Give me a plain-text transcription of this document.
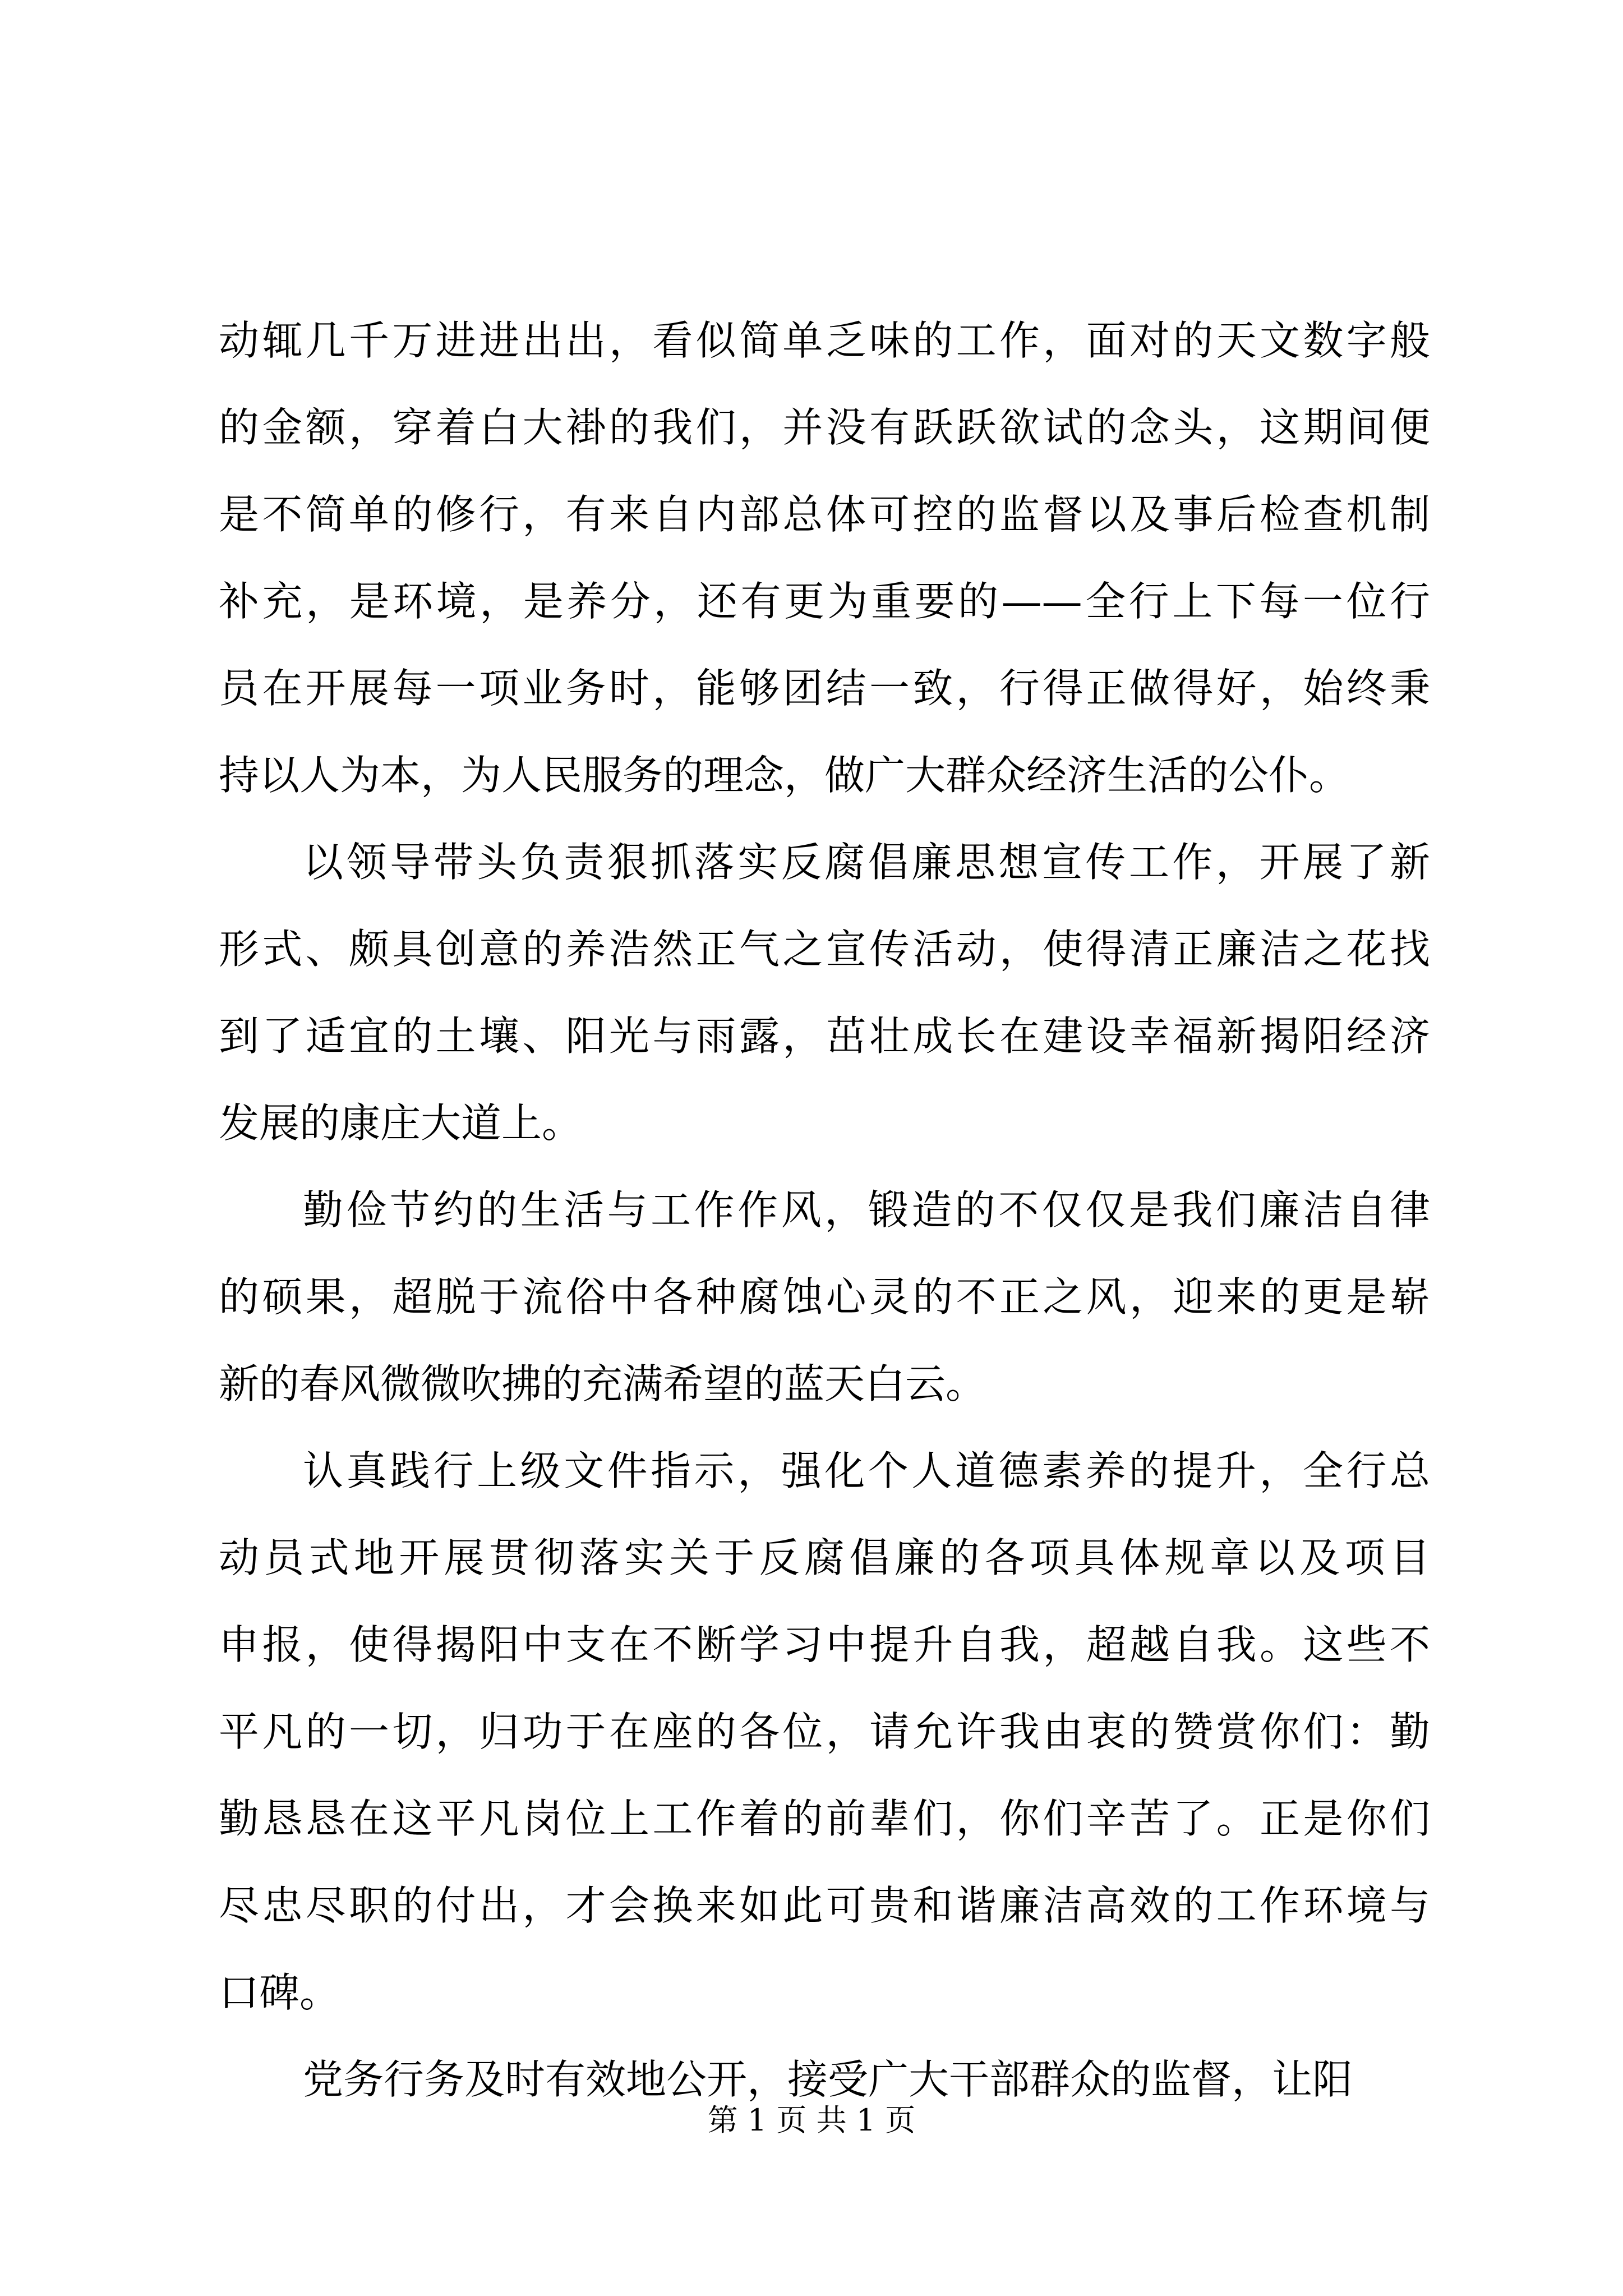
动辄几千万进进出出，看似简单乏味的工作，面对的天文数字般
的金额，穿着白大褂的我们，并没有跃跃欲试的念头，这期间便
是不简单的修行，有来自内部总体可控的监督以及事后检查机制
补充，是环境，是养分，还有更为重要的——全行上下每一位行
员在开展每一项业务时，能够团结一致，行得正做得好，始终秉
持以人为本，为人民服务的理念，做广大群众经济生活的公仆。
以领导带头负责狠抓落实反腐倡廉思想宣传工作，开展了新
形式、颇具创意的养浩然正气之宣传活动，使得清正廉洁之花找
到了适宜的土壤、阳光与雨露，茁壮成长在建设幸福新揭阳经济
发展的康庄大道上。
勤俭节约的生活与工作作风，锻造的不仅仅是我们廉洁自律
的硕果，超脱于流俗中各种腐蚀心灵的不正之风，迎来的更是崭
新的春风微微吹拂的充满希望的蓝天白云。
认真践行上级文件指示，强化个人道德素养的提升，全行总
动员式地开展贯彻落实关于反腐倡廉的各项具体规章以及项目
申报，使得揭阳中支在不断学习中提升自我，超越自我。这些不
平凡的一切，归功于在座的各位，请允许我由衷的赞赏你们：勤
勤恳恳在这平凡岗位上工作着的前辈们，你们辛苦了。正是你们
尽忠尽职的付出，才会换来如此可贵和谐廉洁高效的工作环境与
口碑。
党务行务及时有效地公开，接受广大干部群众的监督，让阳
第 1 页 共 1 页
